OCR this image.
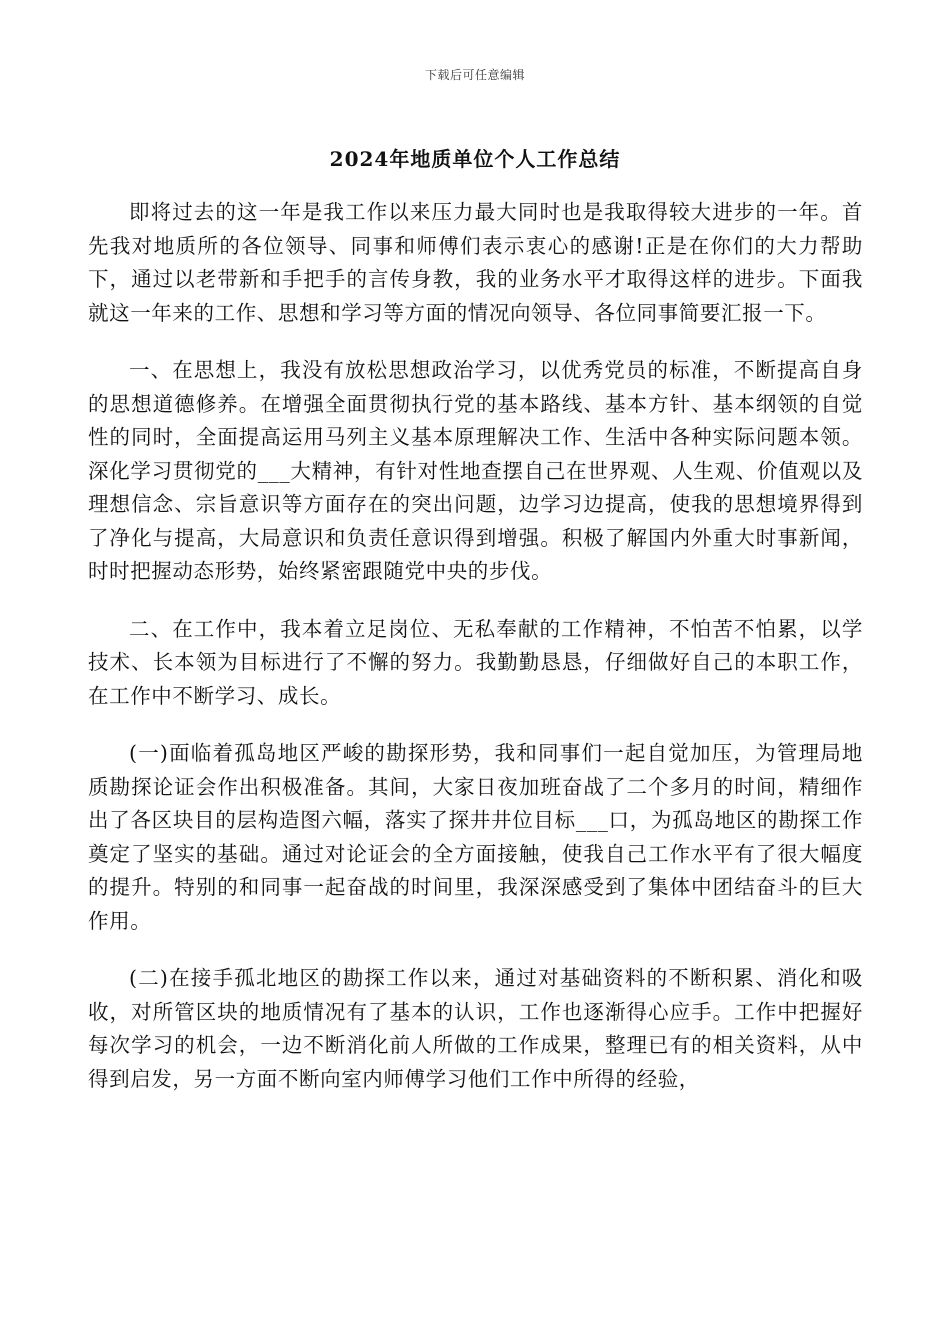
下载后可任意编辑
2024年地质单位个人工作总结

即将过去的这一年是我工作以来压力最大同时也是我取得较大进步的一年。首先我对地质所的各位领导、同事和师傅们表示衷心的感谢!正是在你们的大力帮助下，通过以老带新和手把手的言传身教，我的业务水平才取得这样的进步。下面我就这一年来的工作、思想和学习等方面的情况向领导、各位同事简要汇报一下。

一、在思想上，我没有放松思想政治学习，以优秀党员的标准，不断提高自身的思想道德修养。在增强全面贯彻执行党的基本路线、基本方针、基本纲领的自觉性的同时，全面提高运用马列主义基本原理解决工作、生活中各种实际问题本领。深化学习贯彻党的___大精神，有针对性地查摆自己在世界观、人生观、价值观以及理想信念、宗旨意识等方面存在的突出问题，边学习边提高，使我的思想境界得到了净化与提高，大局意识和负责任意识得到增强。积极了解国内外重大时事新闻，时时把握动态形势，始终紧密跟随党中央的步伐。

二、在工作中，我本着立足岗位、无私奉献的工作精神，不怕苦不怕累，以学技术、长本领为目标进行了不懈的努力。我勤勤恳恳，仔细做好自己的本职工作，在工作中不断学习、成长。

(一)面临着孤岛地区严峻的勘探形势，我和同事们一起自觉加压，为管理局地质勘探论证会作出积极准备。其间，大家日夜加班奋战了二个多月的时间，精细作出了各区块目的层构造图六幅，落实了探井井位目标___口，为孤岛地区的勘探工作奠定了坚实的基础。通过对论证会的全方面接触，使我自己工作水平有了很大幅度的提升。特别的和同事一起奋战的时间里，我深深感受到了集体中团结奋斗的巨大作用。

(二)在接手孤北地区的勘探工作以来，通过对基础资料的不断积累、消化和吸收，对所管区块的地质情况有了基本的认识，工作也逐渐得心应手。工作中把握好每次学习的机会，一边不断消化前人所做的工作成果，整理已有的相关资料，从中得到启发，另一方面不断向室内师傅学习他们工作中所得的经验，
